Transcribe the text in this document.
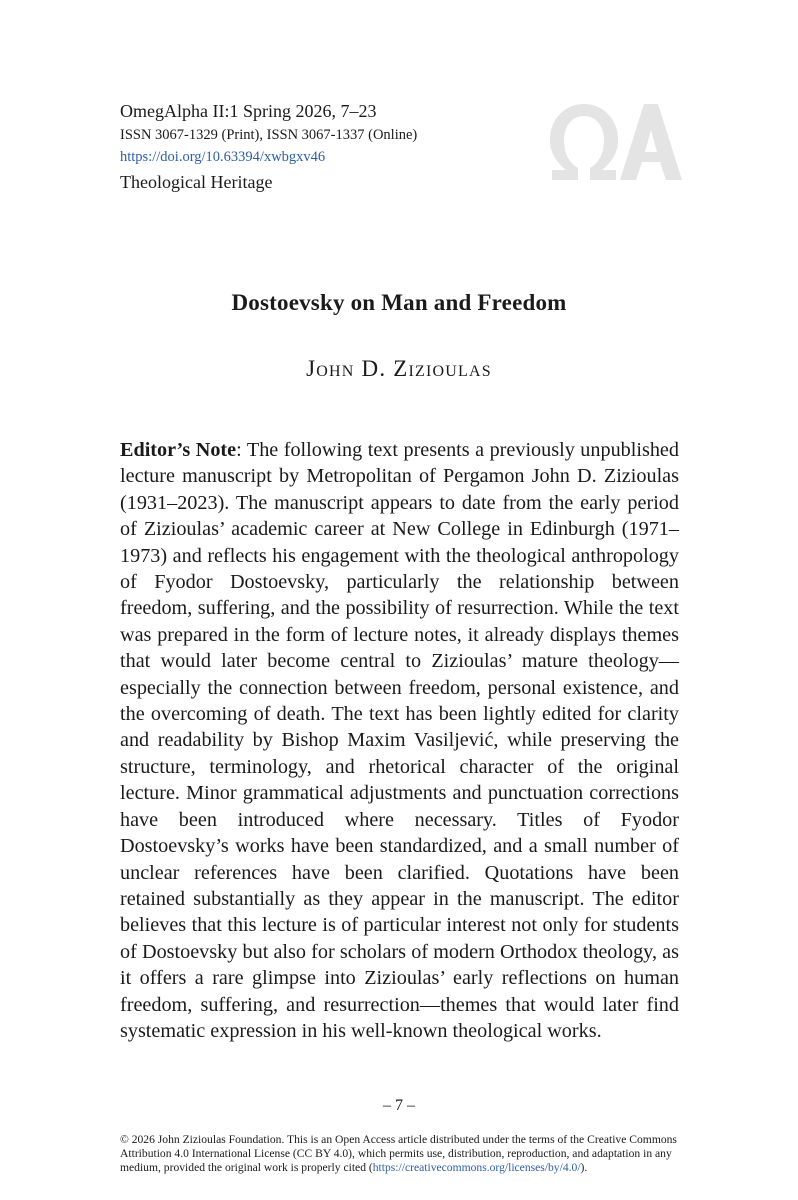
OmegAlpha II:1 Spring 2026, 7–23
ISSN 3067-1329 (Print), ISSN 3067-1337 (Online)
https://doi.org/10.63394/xwbgxv46
Theological Heritage
Dostoevsky on Man and Freedom
John D. Zizioulas

Editor’s Note: The following text presents a previously unpublished lecture manuscript by Metropolitan of Pergamon John D. Zizioulas (1931–2023). The manuscript appears to date from the early period of Zizioulas’ academic career at New College in Edinburgh (1971–1973) and reflects his engagement with the theological anthropology of Fyodor Dostoevsky, particularly the relationship between freedom, suffering, and the possibility of resurrection. While the text was prepared in the form of lecture notes, it already displays themes that would later become central to Zizioulas’ mature theology—especially the connection between freedom, personal existence, and the overcoming of death. The text has been lightly edited for clarity and readability by Bishop Maxim Vasiljević, while preserving the structure, terminology, and rhetorical character of the original lecture. Minor grammatical adjustments and punctuation corrections have been introduced where necessary. Titles of Fyodor Dostoevsky’s works have been standardized, and a small number of unclear references have been clarified. Quotations have been retained substantially as they appear in the manuscript. The editor believes that this lecture is of particular interest not only for students of Dostoevsky but also for scholars of modern Orthodox theology, as it offers a rare glimpse into Zizioulas’ early reflections on human freedom, suffering, and resurrection—themes that would later find systematic expression in his well-known theological works.

– 7 –

© 2026 John Zizioulas Foundation. This is an Open Access article distributed under the terms of the Creative Commons Attribution 4.0 International License (CC BY 4.0), which permits use, distribution, reproduction, and adaptation in any medium, provided the original work is properly cited (https://creativecommons.org/licenses/by/4.0/).
